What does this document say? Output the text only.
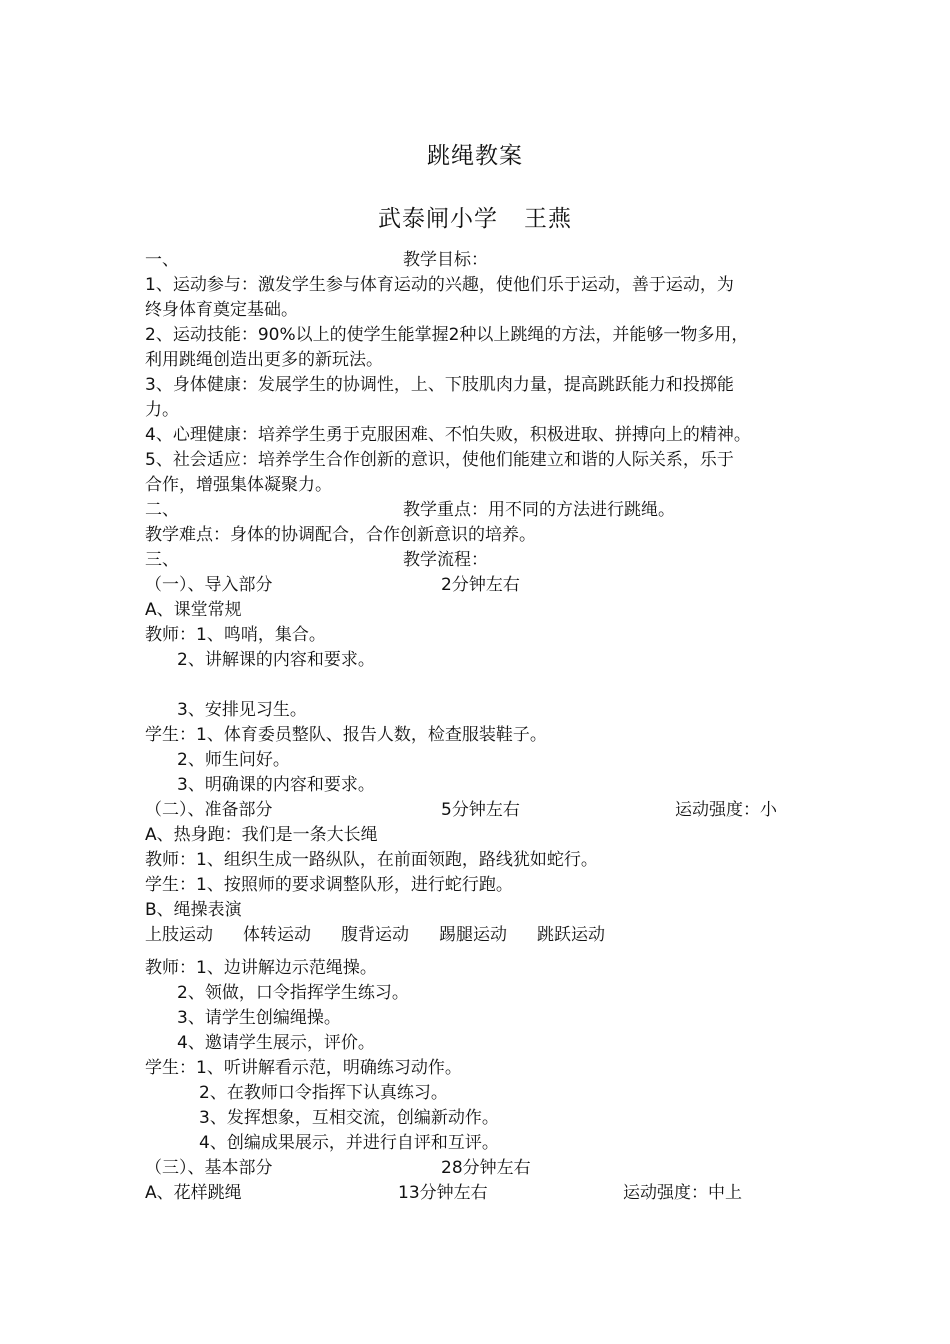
跳绳教案
武泰闸小学 王燕
一、	教学目标：
1、运动参与：激发学生参与体育运动的兴趣，使他们乐于运动，善于运动，为
终身体育奠定基础。
2、运动技能：90%以上的使学生能掌握2种以上跳绳的方法，并能够一物多用，
利用跳绳创造出更多的新玩法。
3、身体健康：发展学生的协调性，上、下肢肌肉力量，提高跳跃能力和投掷能
力。
4、心理健康：培养学生勇于克服困难、不怕失败，积极进取、拼搏向上的精神。
5、社会适应：培养学生合作创新的意识，使他们能建立和谐的人际关系，乐于
合作，增强集体凝聚力。
二、	教学重点：用不同的方法进行跳绳。
教学难点：身体的协调配合，合作创新意识的培养。
三、	教学流程：
（一）、导入部分	2分钟左右
A、课堂常规
教师：1、鸣哨，集合。
2、讲解课的内容和要求。
3、安排见习生。
学生：1、体育委员整队、报告人数，检查服装鞋子。
2、师生问好。
3、明确课的内容和要求。
（二）、准备部分	5分钟左右	运动强度：小
A、热身跑：我们是一条大长绳
教师：1、组织生成一路纵队，在前面领跑，路线犹如蛇行。
学生：1、按照师的要求调整队形，进行蛇行跑。
B、绳操表演
上肢运动 体转运动 腹背运动 踢腿运动 跳跃运动
教师：1、边讲解边示范绳操。
2、领做，口令指挥学生练习。
3、请学生创编绳操。
4、邀请学生展示，评价。
学生：1、听讲解看示范，明确练习动作。
2、在教师口令指挥下认真练习。
3、发挥想象，互相交流，创编新动作。
4、创编成果展示，并进行自评和互评。
（三）、基本部分	28分钟左右
A、花样跳绳	13分钟左右	运动强度：中上
